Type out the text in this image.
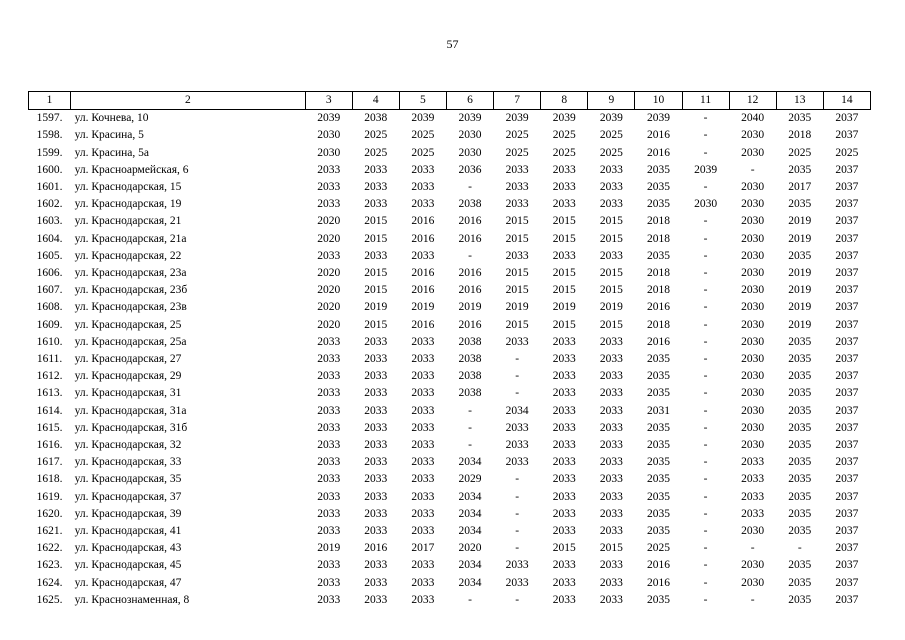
57
1	2	3	4	5	6	7	8	9	10	11	12	13	14
1597.	ул. Кочнева, 10	2039	2038	2039	2039	2039	2039	2039	2039	-	2040	2035	2037
1598.	ул. Красина, 5	2030	2025	2025	2030	2025	2025	2025	2016	-	2030	2018	2037
1599.	ул. Красина, 5а	2030	2025	2025	2030	2025	2025	2025	2016	-	2030	2025	2025
1600.	ул. Красноармейская, 6	2033	2033	2033	2036	2033	2033	2033	2035	2039	-	2035	2037
1601.	ул. Краснодарская, 15	2033	2033	2033	-	2033	2033	2033	2035	-	2030	2017	2037
1602.	ул. Краснодарская, 19	2033	2033	2033	2038	2033	2033	2033	2035	2030	2030	2035	2037
1603.	ул. Краснодарская, 21	2020	2015	2016	2016	2015	2015	2015	2018	-	2030	2019	2037
1604.	ул. Краснодарская, 21а	2020	2015	2016	2016	2015	2015	2015	2018	-	2030	2019	2037
1605.	ул. Краснодарская, 22	2033	2033	2033	-	2033	2033	2033	2035	-	2030	2035	2037
1606.	ул. Краснодарская, 23а	2020	2015	2016	2016	2015	2015	2015	2018	-	2030	2019	2037
1607.	ул. Краснодарская, 23б	2020	2015	2016	2016	2015	2015	2015	2018	-	2030	2019	2037
1608.	ул. Краснодарская, 23в	2020	2019	2019	2019	2019	2019	2019	2016	-	2030	2019	2037
1609.	ул. Краснодарская, 25	2020	2015	2016	2016	2015	2015	2015	2018	-	2030	2019	2037
1610.	ул. Краснодарская, 25а	2033	2033	2033	2038	2033	2033	2033	2016	-	2030	2035	2037
1611.	ул. Краснодарская, 27	2033	2033	2033	2038	-	2033	2033	2035	-	2030	2035	2037
1612.	ул. Краснодарская, 29	2033	2033	2033	2038	-	2033	2033	2035	-	2030	2035	2037
1613.	ул. Краснодарская, 31	2033	2033	2033	2038	-	2033	2033	2035	-	2030	2035	2037
1614.	ул. Краснодарская, 31а	2033	2033	2033	-	2034	2033	2033	2031	-	2030	2035	2037
1615.	ул. Краснодарская, 31б	2033	2033	2033	-	2033	2033	2033	2035	-	2030	2035	2037
1616.	ул. Краснодарская, 32	2033	2033	2033	-	2033	2033	2033	2035	-	2030	2035	2037
1617.	ул. Краснодарская, 33	2033	2033	2033	2034	2033	2033	2033	2035	-	2033	2035	2037
1618.	ул. Краснодарская, 35	2033	2033	2033	2029	-	2033	2033	2035	-	2033	2035	2037
1619.	ул. Краснодарская, 37	2033	2033	2033	2034	-	2033	2033	2035	-	2033	2035	2037
1620.	ул. Краснодарская, 39	2033	2033	2033	2034	-	2033	2033	2035	-	2033	2035	2037
1621.	ул. Краснодарская, 41	2033	2033	2033	2034	-	2033	2033	2035	-	2030	2035	2037
1622.	ул. Краснодарская, 43	2019	2016	2017	2020	-	2015	2015	2025	-	-	-	2037
1623.	ул. Краснодарская, 45	2033	2033	2033	2034	2033	2033	2033	2016	-	2030	2035	2037
1624.	ул. Краснодарская, 47	2033	2033	2033	2034	2033	2033	2033	2016	-	2030	2035	2037
1625.	ул. Краснознаменная, 8	2033	2033	2033	-	-	2033	2033	2035	-	-	2035	2037
